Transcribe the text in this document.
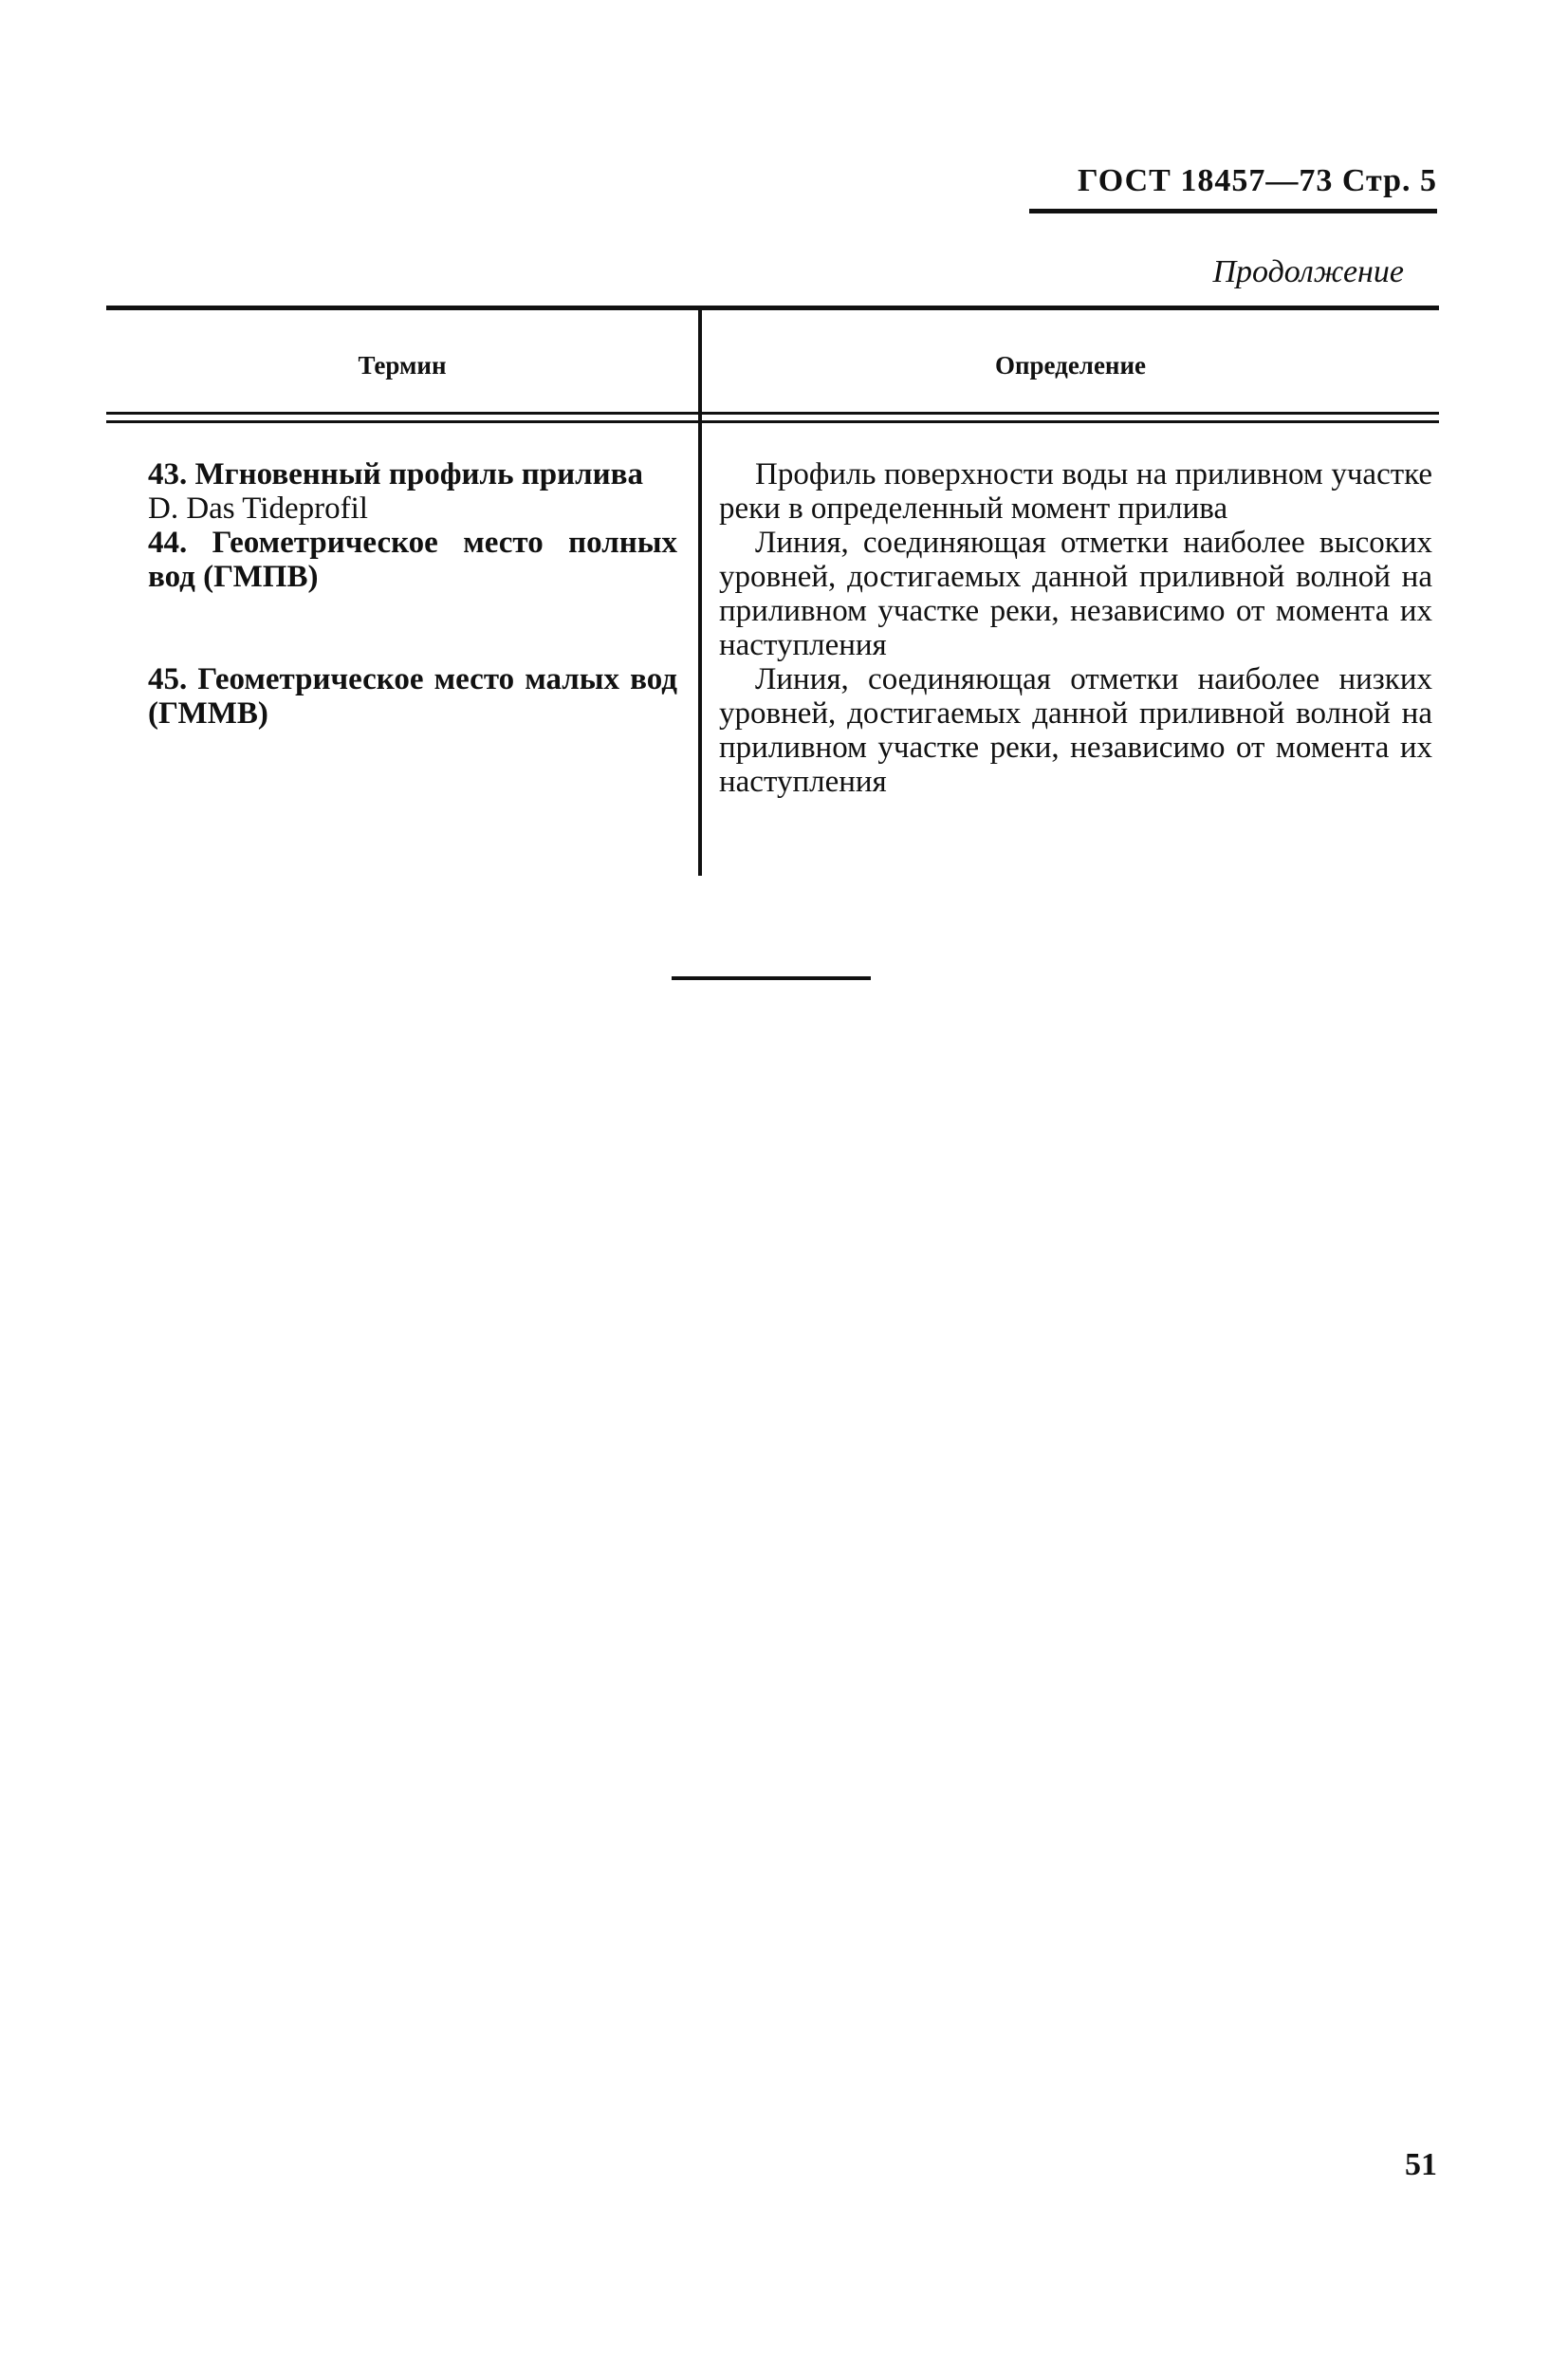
ГОСТ 18457—73 Стр. 5
Продолжение
Термин	Определение
43. Мгновенный профиль прилива
D. Das Tideprofil
44. Геометрическое место полных вод (ГМПВ)
45. Геометрическое место малых вод (ГММВ)

Профиль поверхности воды на приливном участке реки в определенный момент прилива

Линия, соединяющая отметки наиболее высоких уровней, достигаемых данной приливной волной на приливном участке реки, независимо от момента их наступления

Линия, соединяющая отметки наиболее низких уровней, достигаемых данной приливной волной на приливном участке реки, независимо от момента их наступления

51
